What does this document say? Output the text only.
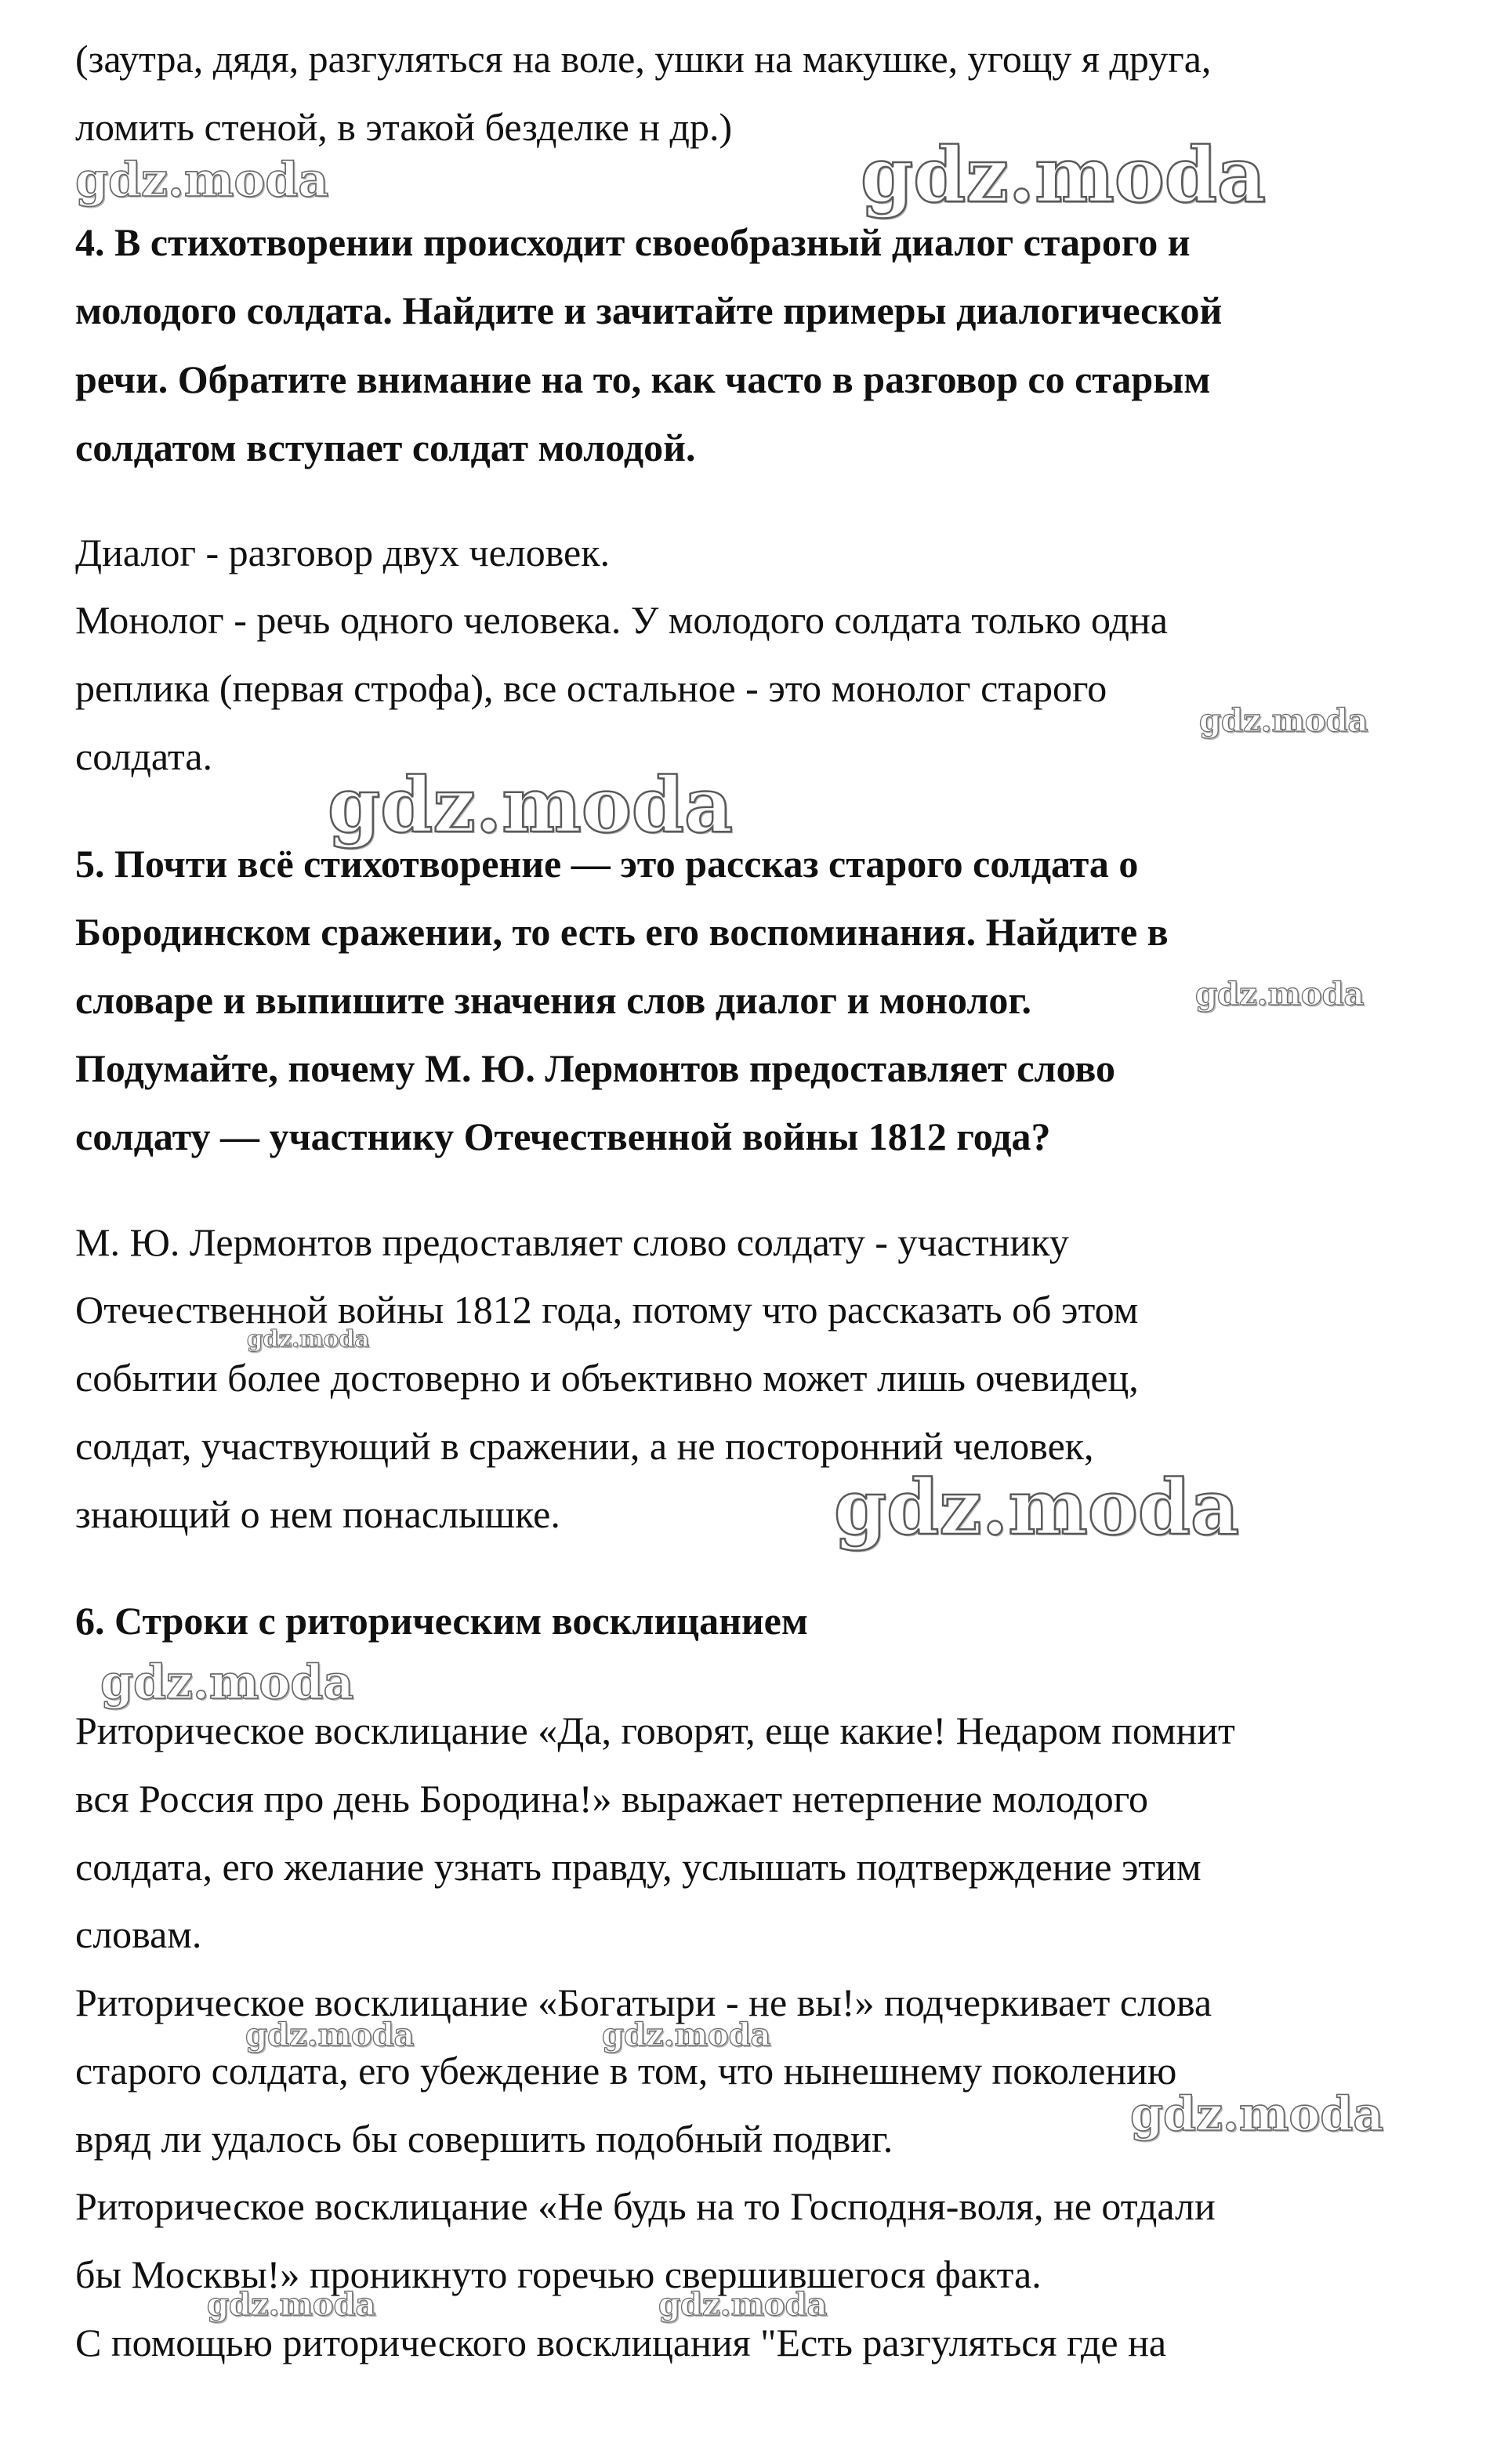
(заутра, дядя, разгуляться на воле, ушки на макушке, угощу я друга,
ломить стеной, в этакой безделке н др.)
4. В стихотворении происходит своеобразный диалог старого и
молодого солдата. Найдите и зачитайте примеры диалогической
речи. Обратите внимание на то, как часто в разговор со старым
солдатом вступает солдат молодой.
Диалог - разговор двух человек.
Монолог - речь одного человека. У молодого солдата только одна
реплика (первая строфа), все остальное - это монолог старого
солдата.
5. Почти всё стихотворение — это рассказ старого солдата о
Бородинском сражении, то есть его воспоминания. Найдите в
словаре и выпишите значения слов диалог и монолог.
Подумайте, почему М. Ю. Лермонтов предоставляет слово
солдату — участнику Отечественной войны 1812 года?
М. Ю. Лермонтов предоставляет слово солдату - участнику
Отечественной войны 1812 года, потому что рассказать об этом
событии более достоверно и объективно может лишь очевидец,
солдат, участвующий в сражении, а не посторонний человек,
знающий о нем понаслышке.
6. Строки с риторическим восклицанием
Риторическое восклицание «Да, говорят, еще какие! Недаром помнит
вся Россия про день Бородина!» выражает нетерпение молодого
солдата, его желание узнать правду, услышать подтверждение этим
словам.
Риторическое восклицание «Богатыри - не вы!» подчеркивает слова
старого солдата, его убеждение в том, что нынешнему поколению
вряд ли удалось бы совершить подобный подвиг.
Риторическое восклицание «Не будь на то Господня-воля, не отдали
бы Москвы!» проникнуто горечью свершившегося факта.
С помощью риторического восклицания "Есть разгуляться где на
gdz.moda	gdz.moda
gdz.moda
gdz.moda
gdz.moda
gdz.moda
gdz.moda
gdz.moda
gdz.moda	gdz.moda
gdz.moda
gdz.moda	gdz.moda
